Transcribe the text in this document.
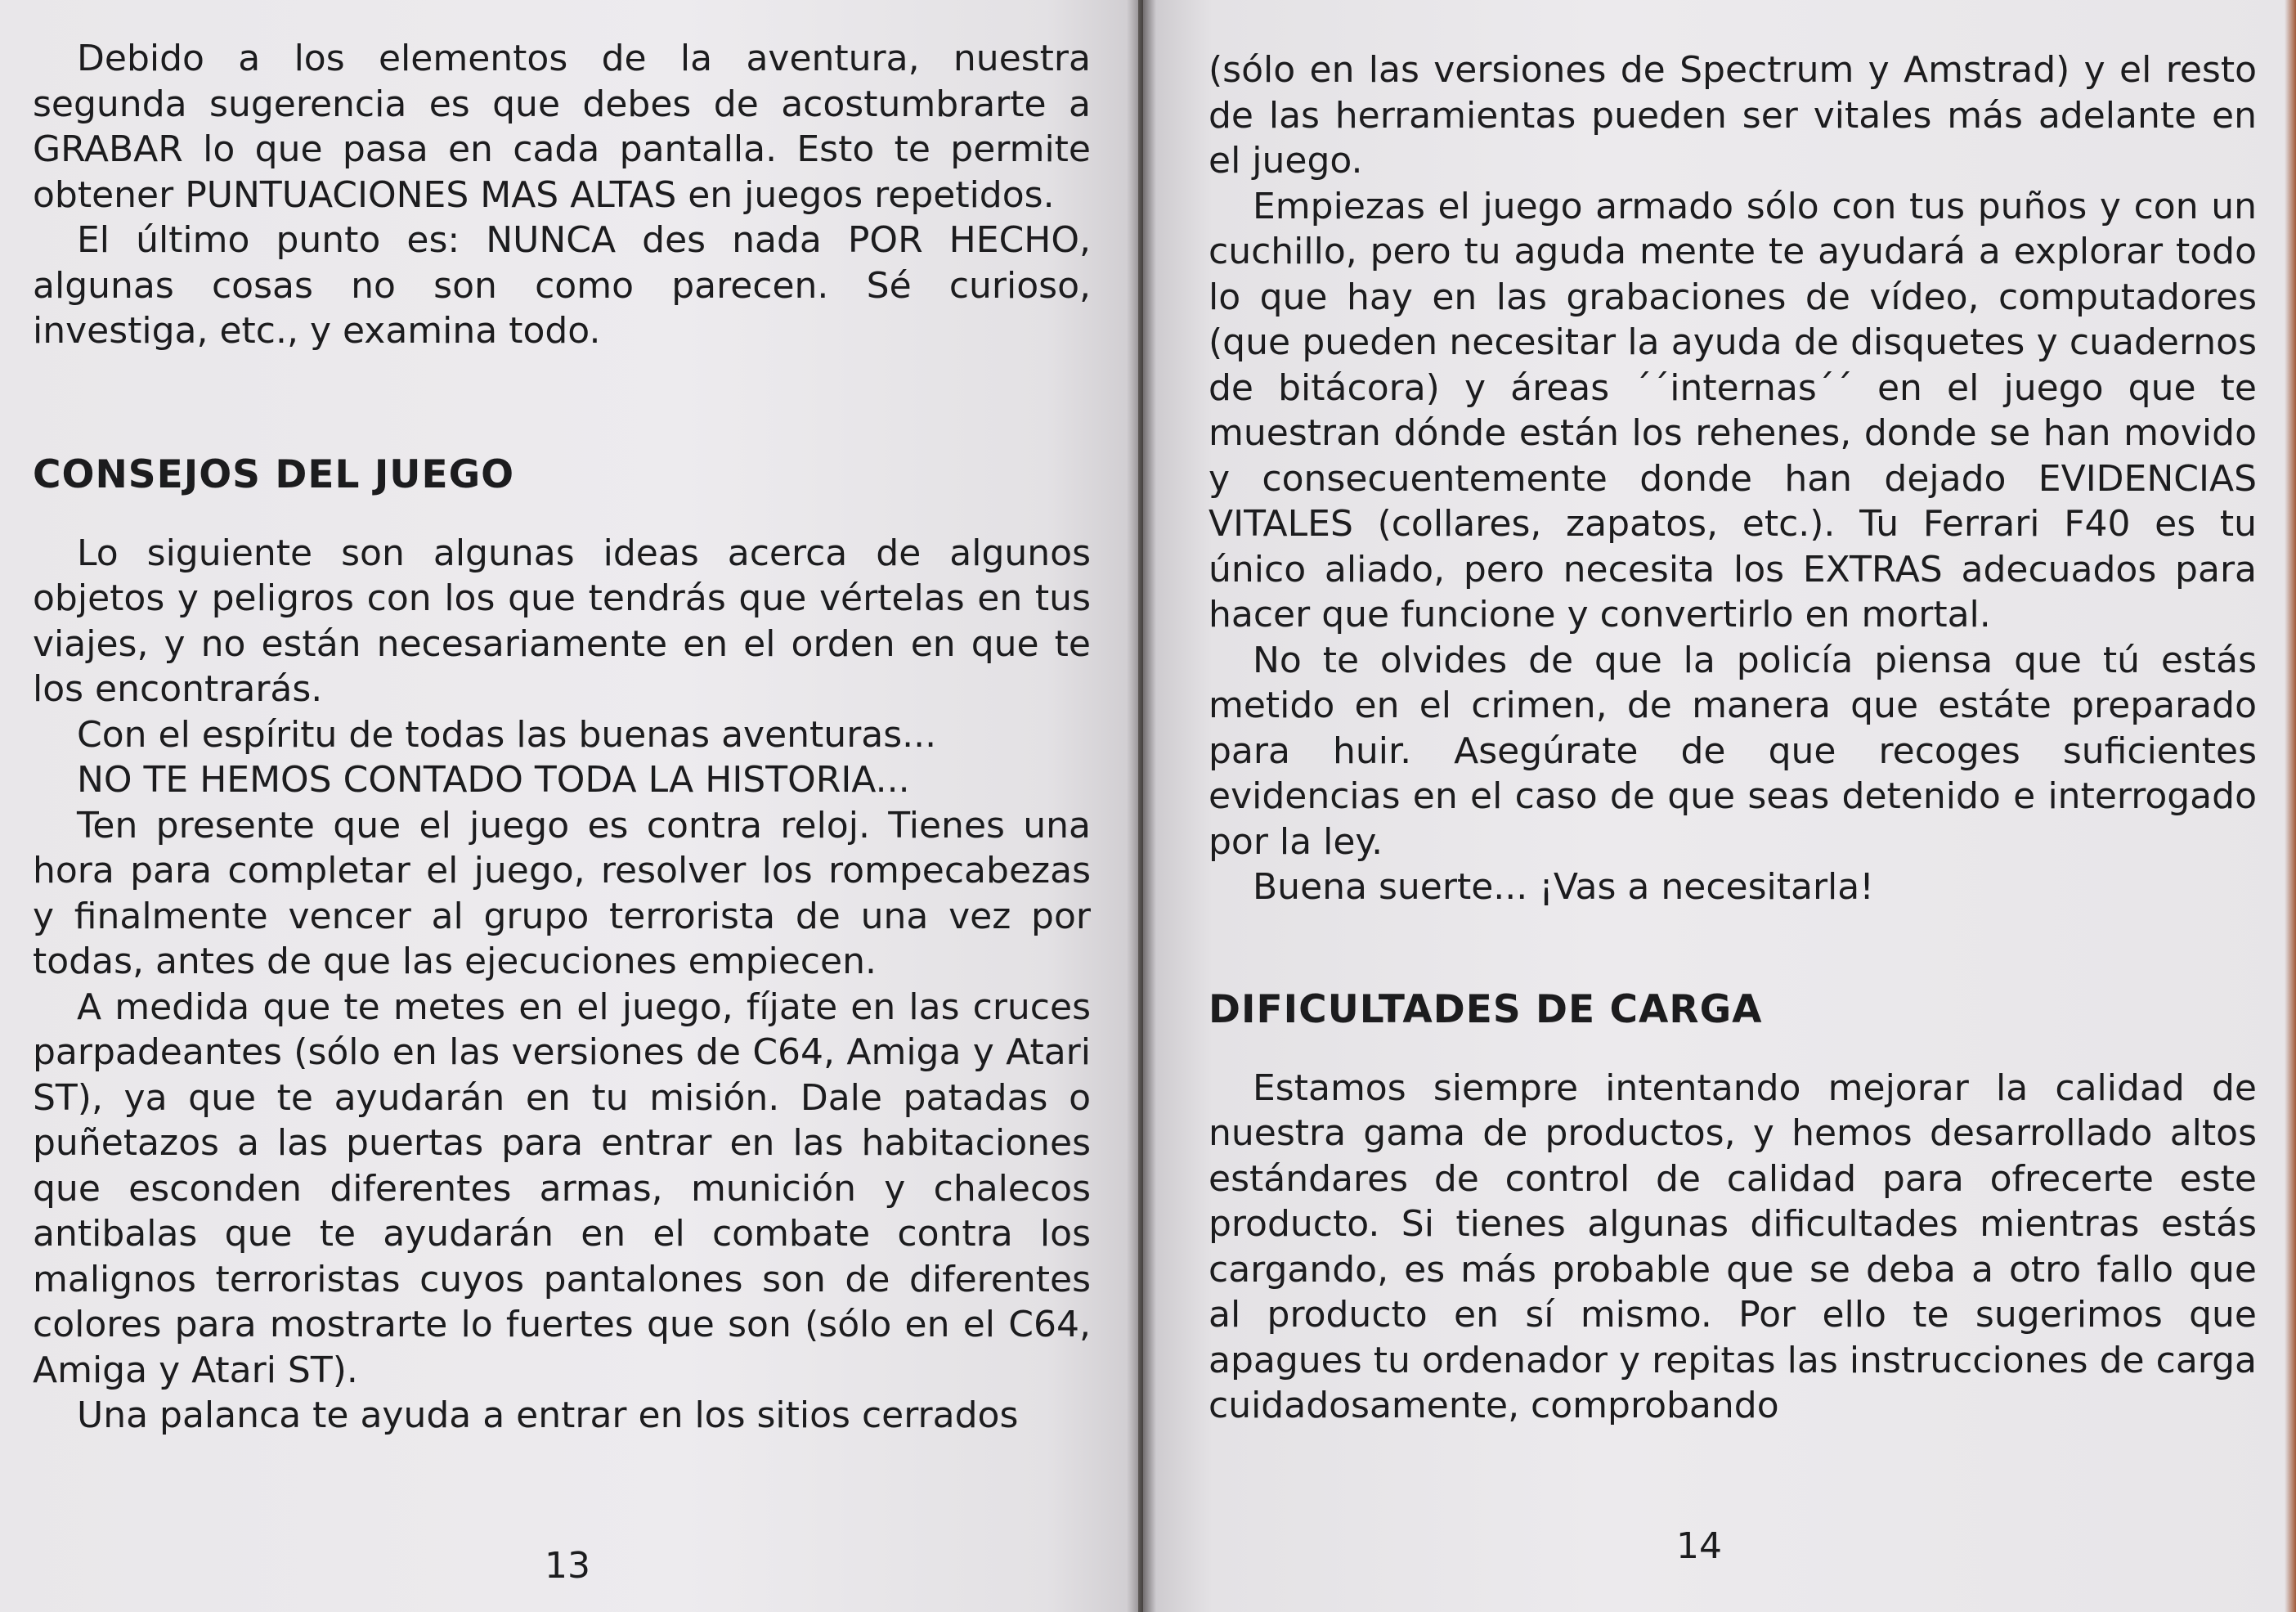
Debido a los elementos de la aventura, nuestra segunda sugerencia es que debes de acostumbrarte a GRABAR lo que pasa en cada pantalla. Esto te permite obtener PUNTUACIONES MAS ALTAS en juegos repetidos.

El último punto es: NUNCA des nada POR HECHO, algunas cosas no son como parecen. Sé curioso, investiga, etc., y examina todo.

CONSEJOS DEL JUEGO

Lo siguiente son algunas ideas acerca de algunos objetos y peligros con los que tendrás que vértelas en tus viajes, y no están necesariamente en el orden en que te los encontrarás.

Con el espíritu de todas las buenas aventuras...

NO TE HEMOS CONTADO TODA LA HISTORIA...

Ten presente que el juego es contra reloj. Tienes una hora para completar el juego, resolver los rompecabezas y finalmente vencer al grupo terrorista de una vez por todas, antes de que las ejecuciones empiecen.

A medida que te metes en el juego, fíjate en las cruces parpadeantes (sólo en las versiones de C64, Amiga y Atari ST), ya que te ayudarán en tu misión. Dale patadas o puñetazos a las puertas para entrar en las habitaciones que esconden diferentes armas, munición y chalecos antibalas que te ayudarán en el combate contra los malignos terroristas cuyos pantalones son de diferentes colores para mostrarte lo fuertes que son (sólo en el C64, Amiga y Atari ST).

Una palanca te ayuda a entrar en los sitios cerrados

13

(sólo en las versiones de Spectrum y Amstrad) y el resto de las herramientas pueden ser vitales más adelante en el juego.

Empiezas el juego armado sólo con tus puños y con un cuchillo, pero tu aguda mente te ayudará a explorar todo lo que hay en las grabaciones de vídeo, computadores (que pueden necesitar la ayuda de disquetes y cuadernos de bitácora) y áreas ´´internas´´ en el juego que te muestran dónde están los rehenes, donde se han movido y consecuentemente donde han dejado EVIDENCIAS VITALES (collares, zapatos, etc.). Tu Ferrari F40 es tu único aliado, pero necesita los EXTRAS adecuados para hacer que funcione y convertirlo en mortal.

No te olvides de que la policía piensa que tú estás metido en el crimen, de manera que estáte preparado para huir. Asegúrate de que recoges suficientes evidencias en el caso de que seas detenido e interrogado por la ley.

Buena suerte... ¡Vas a necesitarla!

DIFICULTADES DE CARGA

Estamos siempre intentando mejorar la calidad de nuestra gama de productos, y hemos desarrollado altos estándares de control de calidad para ofrecerte este producto. Si tienes algunas dificultades mientras estás cargando, es más probable que se deba a otro fallo que al producto en sí mismo. Por ello te sugerimos que apagues tu ordenador y repitas las instrucciones de carga cuidadosamente, comprobando

14
